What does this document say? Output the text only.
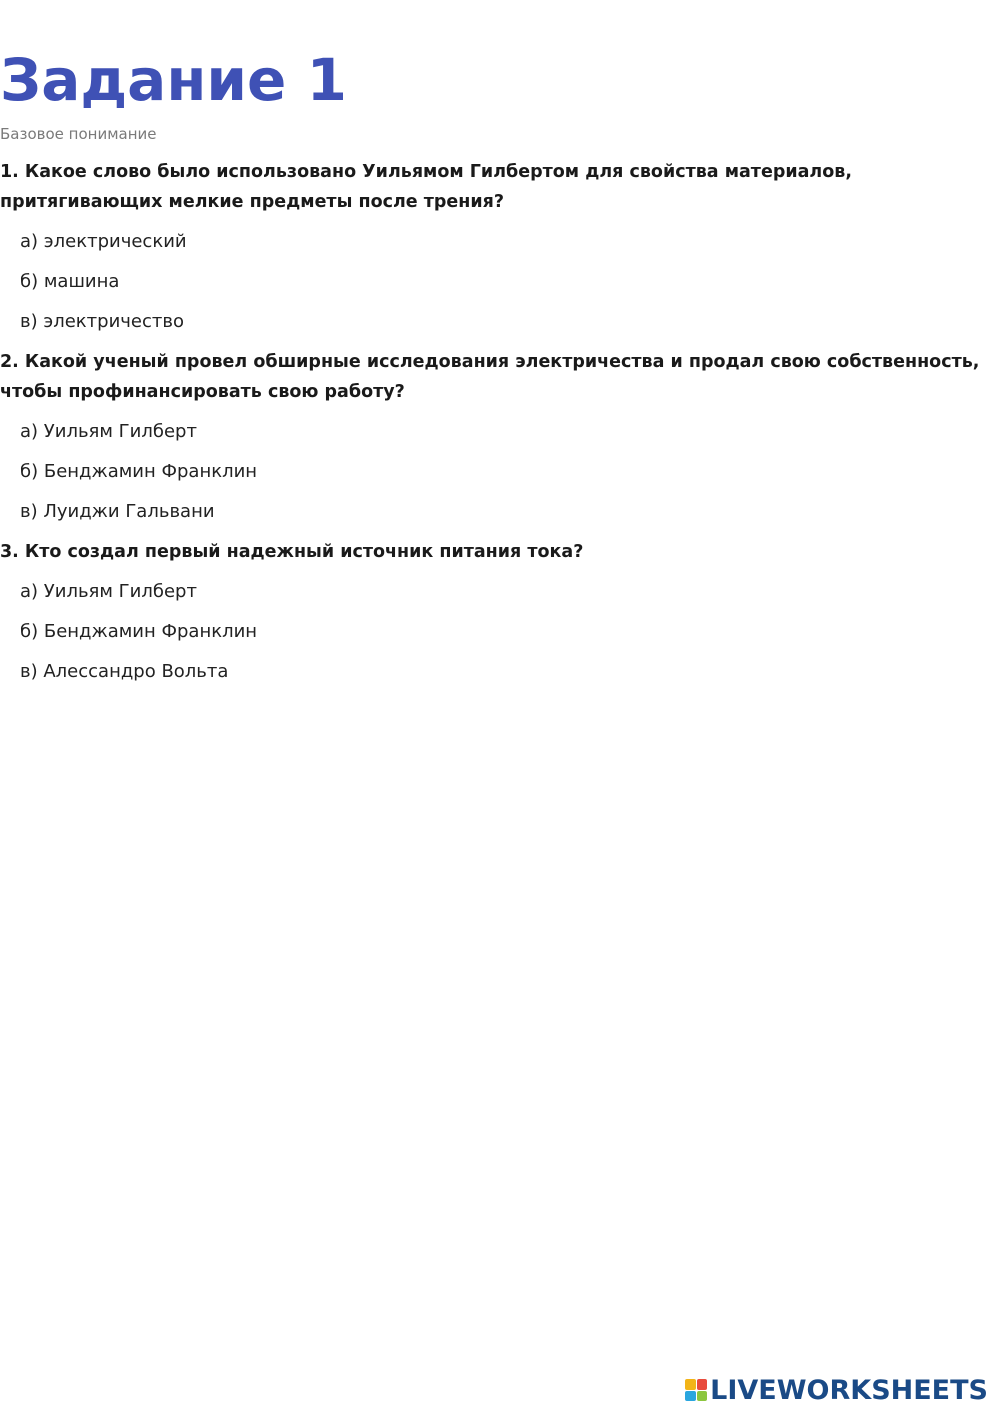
Задание 1

Базовое понимание

1. Какое слово было использовано Уильямом Гилбертом для свойства материалов, притягивающих мелкие предметы после трения?

а) электрический
б) машина
в) электричество

2. Какой ученый провел обширные исследования электричества и продал свою собственность, чтобы профинансировать свою работу?

а) Уильям Гилберт
б) Бенджамин Франклин
в) Луиджи Гальвани

3. Кто создал первый надежный источник питания тока?

а) Уильям Гилберт
б) Бенджамин Франклин
в) Алессандро Вольта
LIVEWORKSHEETS
